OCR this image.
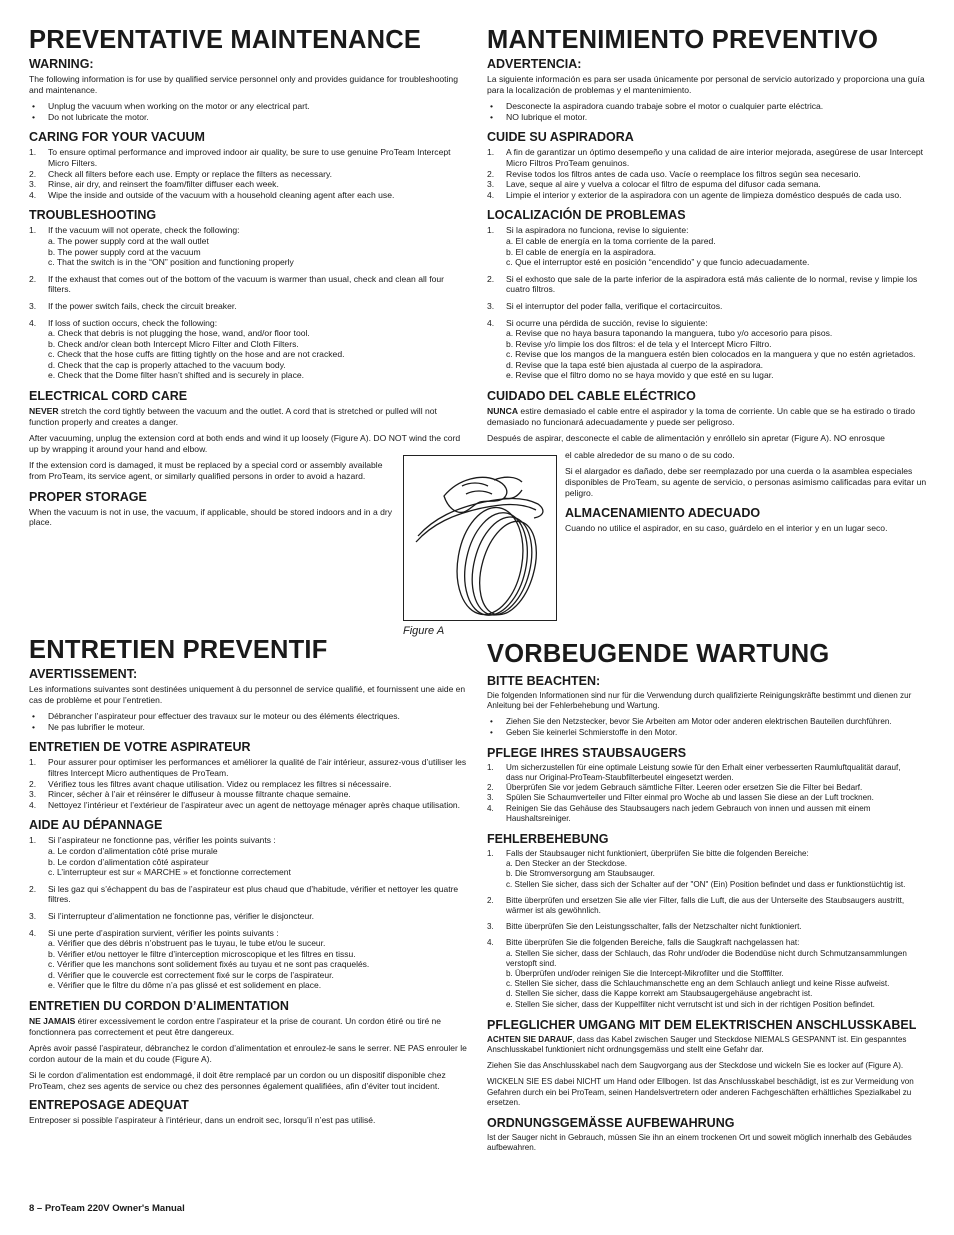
PREVENTATIVE MAINTENANCE
WARNING:

The following information is for use by qualified service personnel only and provides guidance for troubleshooting and maintenance.

• Unplug the vacuum when working on the motor or any electrical part.
• Do not lubricate the motor.
CARING FOR YOUR VACUUM
1. To ensure optimal performance and improved indoor air quality, be sure to use genuine ProTeam Intercept Micro Filters.
2. Check all filters before each use. Empty or replace the filters as necessary.
3. Rinse, air dry, and reinsert the foam/filter diffuser each week.
4. Wipe the inside and outside of the vacuum with a household cleaning agent after each use.
TROUBLESHOOTING
1. If the vacuum will not operate, check the following:
a. The power supply cord at the wall outlet
b. The power supply cord at the vacuum
c. That the switch is in the “ON” position and functioning properly
2. If the exhaust that comes out of the bottom of the vacuum is warmer than usual, check and clean all four filters.
3. If the power switch fails, check the circuit breaker.
4. If loss of suction occurs, check the following:
a. Check that debris is not plugging the hose, wand, and/or floor tool.
b. Check and/or clean both Intercept Micro Filter and Cloth Filters.
c. Check that the hose cuffs are fitting tightly on the hose and are not cracked.
d. Check that the cap is properly attached to the vacuum body.
e. Check that the Dome filter hasn’t shifted and is securely in place.
ELECTRICAL CORD CARE

NEVER stretch the cord tightly between the vacuum and the outlet. A cord that is stretched or pulled will not function properly and creates a danger.

After vacuuming, unplug the extension cord at both ends and wind it up loosely (Figure A). DO NOT wind the cord up by wrapping it around your hand and elbow.

If the extension cord is damaged, it must be replaced by a special cord or assembly available from ProTeam, its service agent, or similarly qualified persons in order to avoid a hazard.

PROPER STORAGE

When the vacuum is not in use, the vacuum, if applicable, should be stored indoors and in a dry place.

MANTENIMIENTO PREVENTIVO
ADVERTENCIA:

La siguiente información es para ser usada únicamente por personal de servicio autorizado y proporciona una guía para la localización de problemas y el mantenimiento.

• Desconecte la aspiradora cuando trabaje sobre el motor o cualquier parte eléctrica.
• NO lubrique el motor.
CUIDE SU ASPIRADORA
1. A fin de garantizar un óptimo desempeño y una calidad de aire interior mejorada, asegúrese de usar Intercept Micro Filtros ProTeam genuinos.
2. Revise todos los filtros antes de cada uso. Vacíe o reemplace los filtros según sea necesario.
3. Lave, seque al aire y vuelva a colocar el filtro de espuma del difusor cada semana.
4. Limpie el interior y exterior de la aspiradora con un agente de limpieza doméstico después de cada uso.
LOCALIZACIÓN DE PROBLEMAS
1. Si la aspiradora no funciona, revise lo siguiente:
a. El cable de energía en la toma corriente de la pared.
b. El cable de energía en la aspiradora.
c. Que el interruptor esté en posición “encendido” y que funcio adecuadamente.
2. Si el exhosto que sale de la parte inferior de la aspiradora está más caliente de lo normal, revise y limpie los cuatro filtros.
3. Si el interruptor del poder falla, verifique el cortacircuitos.
4. Si ocurre una pérdida de succión, revise lo siguiente:
a. Revise que no haya basura taponando la manguera, tubo y/o accesorio para pisos.
b. Revise y/o limpie los dos filtros: el de tela y el Intercept Micro Filtro.
c. Revise que los mangos de la manguera estén bien colocados en la manguera y que no estén agrietados.
d. Revise que la tapa esté bien ajustada al cuerpo de la aspiradora.
e. Revise que el filtro domo no se haya movido y que esté en su lugar.
CUIDADO DEL CABLE ELÉCTRICO

NUNCA estire demasiado el cable entre el aspirador y la toma de corriente. Un cable que se ha estirado o tirado demasiado no funcionará adecuadamente y puede ser peligroso.

Después de aspirar, desconecte el cable de alimentación y enróllelo sin apretar (Figure A). NO enrosque

el cable alrededor de su mano o de su codo.

Si el alargador es dañado, debe ser reemplazado por una cuerda o la asamblea especiales disponibles de ProTeam, su agente de servicio, o personas asimismo calificadas para evitar un peligro.

ALMACENAMIENTO ADECUADO

Cuando no utilice el aspirador, en su caso, guárdelo en el interior y en un lugar seco.

Figure A
ENTRETIEN PREVENTIF
AVERTISSEMENT:

Les informations suivantes sont destinées uniquement à du personnel de service qualifié, et fournissent une aide en cas de problème et pour l’entretien.

• Débrancher l’aspirateur pour effectuer des travaux sur le moteur ou des éléments électriques.
• Ne pas lubrifier le moteur.
ENTRETIEN DE VOTRE ASPIRATEUR
1. Pour assurer pour optimiser les performances et améliorer la qualité de l’air intérieur, assurez-vous d’utiliser les filtres Intercept Micro authentiques de ProTeam.
2. Vérifiez tous les filtres avant chaque utilisation. Videz ou remplacez les filtres si nécessaire.
3. Rincer, sécher à l’air et réinsérer le diffuseur à mousse filtrante chaque semaine.
4. Nettoyez l’intérieur et l’extérieur de l’aspirateur avec un agent de nettoyage ménager après chaque utilisation.
AIDE AU DÉPANNAGE
1. Si l’aspirateur ne fonctionne pas, vérifier les points suivants :
a. Le cordon d’alimentation côté prise murale
b. Le cordon d’alimentation côté aspirateur
c. L’interrupteur est sur « MARCHE » et fonctionne correctement
2. Si les gaz qui s’échappent du bas de l’aspirateur est plus chaud que d’habitude, vérifier et nettoyer les quatre filtres.
3. Si l’interrupteur d’alimentation ne fonctionne pas, vérifier le disjoncteur.
4. Si une perte d’aspiration survient, vérifier les points suivants :
a. Vérifier que des débris n’obstruent pas le tuyau, le tube et/ou le suceur.
b. Vérifier et/ou nettoyer le filtre d’interception microscopique et les filtres en tissu.
c. Vérifier que les manchons sont solidement fixés au tuyau et ne sont pas craquelés.
d. Vérifier que le couvercle est correctement fixé sur le corps de l’aspirateur.
e. Vérifier que le filtre du dôme n’a pas glissé et est solidement en place.
ENTRETIEN DU CORDON D’ALIMENTATION

NE JAMAIS étirer excessivement le cordon entre l’aspirateur et la prise de courant. Un cordon étiré ou tiré ne fonctionnera pas correctement et peut être dangereux.

Après avoir passé l’aspirateur, débranchez le cordon d’alimentation et enroulez-le sans le serrer. NE PAS enrouler le cordon autour de la main et du coude (Figure A).

Si le cordon d’alimentation est endommagé, il doit être remplacé par un cordon ou un dispositif disponible chez ProTeam, chez ses agents de service ou chez des personnes également qualifiées, afin d’éviter tout incident.

ENTREPOSAGE ADEQUAT

Entreposer si possible l’aspirateur à l’intérieur, dans un endroit sec, lorsqu’il n’est pas utilisé.

VORBEUGENDE WARTUNG
BITTE BEACHTEN:

Die folgenden Informationen sind nur für die Verwendung durch qualifizierte Reinigungskräfte bestimmt und dienen zur Anleitung bei der Fehlerbehebung und Wartung.

• Ziehen Sie den Netzstecker, bevor Sie Arbeiten am Motor oder anderen elektrischen Bauteilen durchführen.
• Geben Sie keinerlei Schmierstoffe in den Motor.
PFLEGE IHRES STAUBSAUGERS
1. Um sicherzustellen für eine optimale Leistung sowie für den Erhalt einer verbesserten Raumluftqualität darauf, dass nur Original-ProTeam-Staubfilterbeutel eingesetzt werden.
2. Überprüfen Sie vor jedem Gebrauch sämtliche Filter. Leeren oder ersetzen Sie die Filter bei Bedarf.
3. Spülen Sie Schaumverteiler und Filter einmal pro Woche ab und lassen Sie diese an der Luft trocknen.
4. Reinigen Sie das Gehäuse des Staubsaugers nach jedem Gebrauch von innen und aussen mit einem Haushaltsreiniger.
FEHLERBEHEBUNG
1. Falls der Staubsauger nicht funktioniert, überprüfen Sie bitte die folgenden Bereiche:
a. Den Stecker an der Steckdose.
b. Die Stromversorgung am Staubsauger.
c. Stellen Sie sicher, dass sich der Schalter auf der "ON" (Ein) Position befindet und dass er funktionstüchtig ist.
2. Bitte überprüfen und ersetzen Sie alle vier Filter, falls die Luft, die aus der Unterseite des Staubsaugers austritt, wärmer ist als gewöhnlich.
3. Bitte überprüfen Sie den Leistungsschalter, falls der Netzschalter nicht funktioniert.
4. Bitte überprüfen Sie die folgenden Bereiche, falls die Saugkraft nachgelassen hat:
a. Stellen Sie sicher, dass der Schlauch, das Rohr und/oder die Bodendüse nicht durch Schmutzansammlungen verstopft sind.
b. Überprüfen und/oder reinigen Sie die Intercept-Mikrofilter und die Stofffilter.
c. Stellen Sie sicher, dass die Schlauchmanschette eng an dem Schlauch anliegt und keine Risse aufweist.
d. Stellen Sie sicher, dass die Kappe korrekt am Staubsaugergehäuse angebracht ist.
e. Stellen Sie sicher, dass der Kuppelfilter nicht verrutscht ist und sich in der richtigen Position befindet.
PFLEGLICHER UMGANG MIT DEM ELEKTRISCHEN ANSCHLUSSKABEL

ACHTEN SIE DARAUF, dass das Kabel zwischen Sauger und Steckdose NIEMALS GESPANNT ist. Ein gespanntes Anschlusskabel funktioniert nicht ordnungsgemäss und stellt eine Gefahr dar.

Ziehen Sie das Anschlusskabel nach dem Saugvorgang aus der Steckdose und wickeln Sie es locker auf (Figure A).

WICKELN SIE ES dabei NICHT um Hand oder Ellbogen. Ist das Anschlusskabel beschädigt, ist es zur Vermeidung von Gefahren durch ein bei ProTeam, seinen Handelsvertretern oder anderen Fachgeschäften erhältliches Spezialkabel zu ersetzen.

ORDNUNGSGEMÄSSE AUFBEWAHRUNG

Ist der Sauger nicht in Gebrauch, müssen Sie ihn an einem trockenen Ort und soweit möglich innerhalb des Gebäudes aufbewahren.

8 – ProTeam 220V Owner's Manual
